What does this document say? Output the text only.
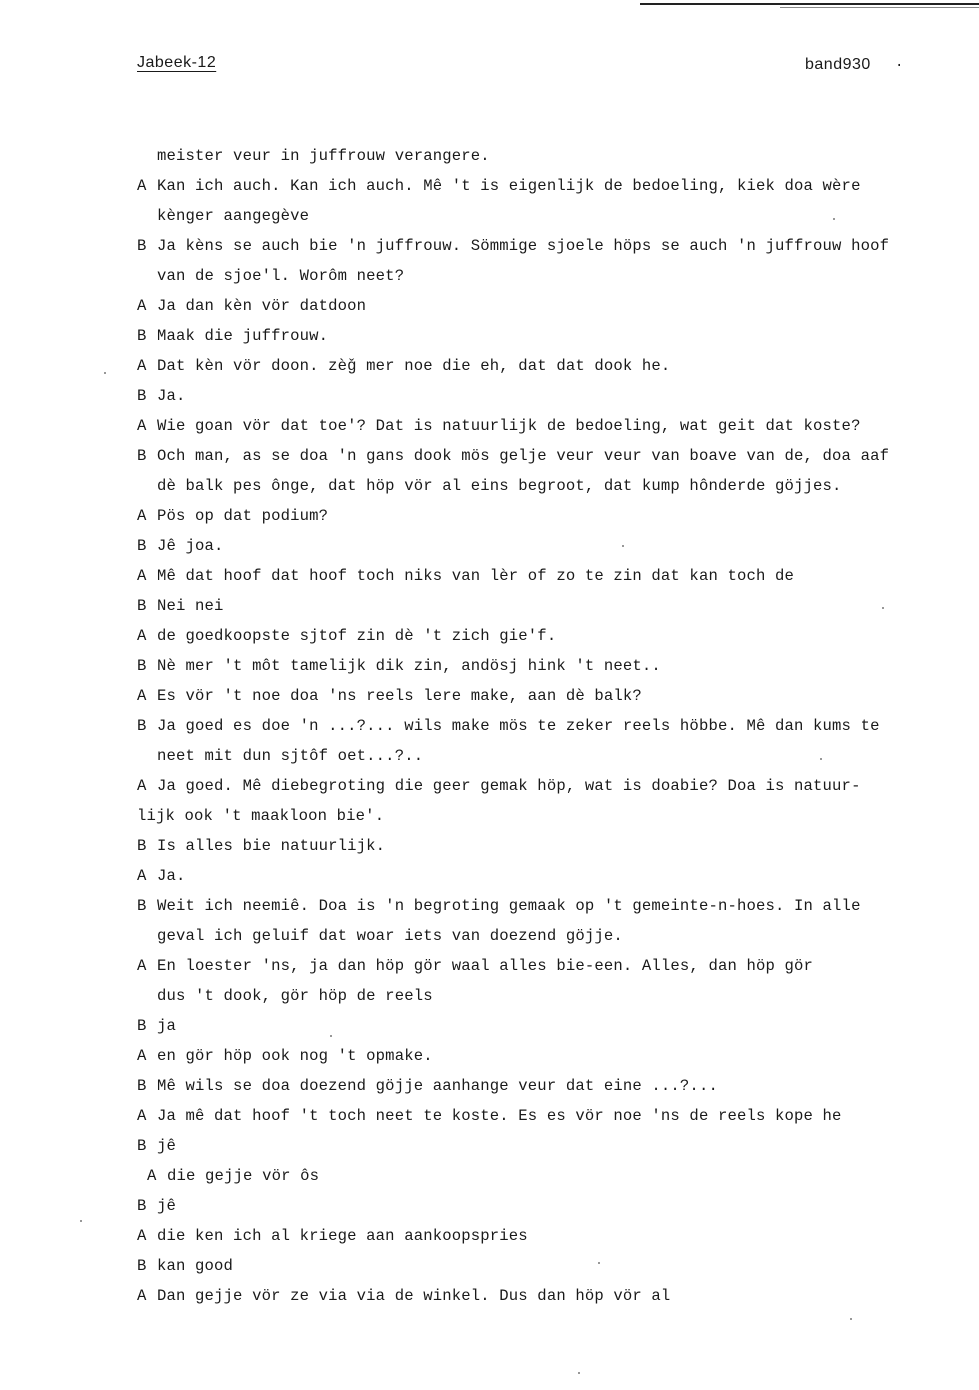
Jabeek-12	band930 ·
meister veur in juffrouw verangere.
A Kan ich auch. Kan ich auch. Mê 't is eigenlijk de bedoeling, kiek doa wère
kènger aangegève
B Ja kèns se auch bie 'n juffrouw. Sömmige sjoele höps se auch 'n juffrouw hoof
van de sjoe'l. Worôm neet?
A Ja dan kèn vör datdoon
B Maak die juffrouw.
A Dat kèn vör doon. zèǧ mer noe die eh, dat dat dook he.
B Ja.
A Wie goan vör dat toe'? Dat is natuurlijk de bedoeling, wat geit dat koste?
B Och man, as se doa 'n gans dook mös gelje veur veur van boave van de, doa aaf
dè balk pes ônge, dat höp vör al eins begroot, dat kump hônderde göjjes.
A Pös op dat podium?
B Jê joa.
A Mê dat hoof dat hoof toch niks van lèr of zo te zin dat kan toch de
B Nei nei
A de goedkoopste sjtof zin dè 't zich gie'f.
B Nè mer 't môt tamelijk dik zin, andösj hink 't neet..
A Es vör 't noe doa 'ns reels lere make, aan dè balk?
B Ja goed es doe 'n ...?... wils make mös te zeker reels höbbe. Mê dan kums te
neet mit dun sjtôf oet...?..
A Ja goed. Mê diebegroting die geer gemak höp, wat is doabie? Doa is natuur-
lijk ook 't maakloon bie'.
B Is alles bie natuurlijk.
A Ja.
B Weit ich neemiê. Doa is 'n begroting gemaak op 't gemeinte-n-hoes. In alle
geval ich geluif dat woar iets van doezend göjje.
A En loester 'ns, ja dan höp gör waal alles bie-een. Alles, dan höp gör
dus 't dook, gör höp de reels
B ja
A en gör höp ook nog 't opmake.
B Mê wils se doa doezend göjje aanhange veur dat eine ...?...
A Ja mê dat hoof 't toch neet te koste. Es es vör noe 'ns de reels kope he
B jê
A die gejje vör ôs
B jê
A die ken ich al kriege aan aankoopspries
B kan good
A Dan gejje vör ze via via de winkel. Dus dan höp vör al
